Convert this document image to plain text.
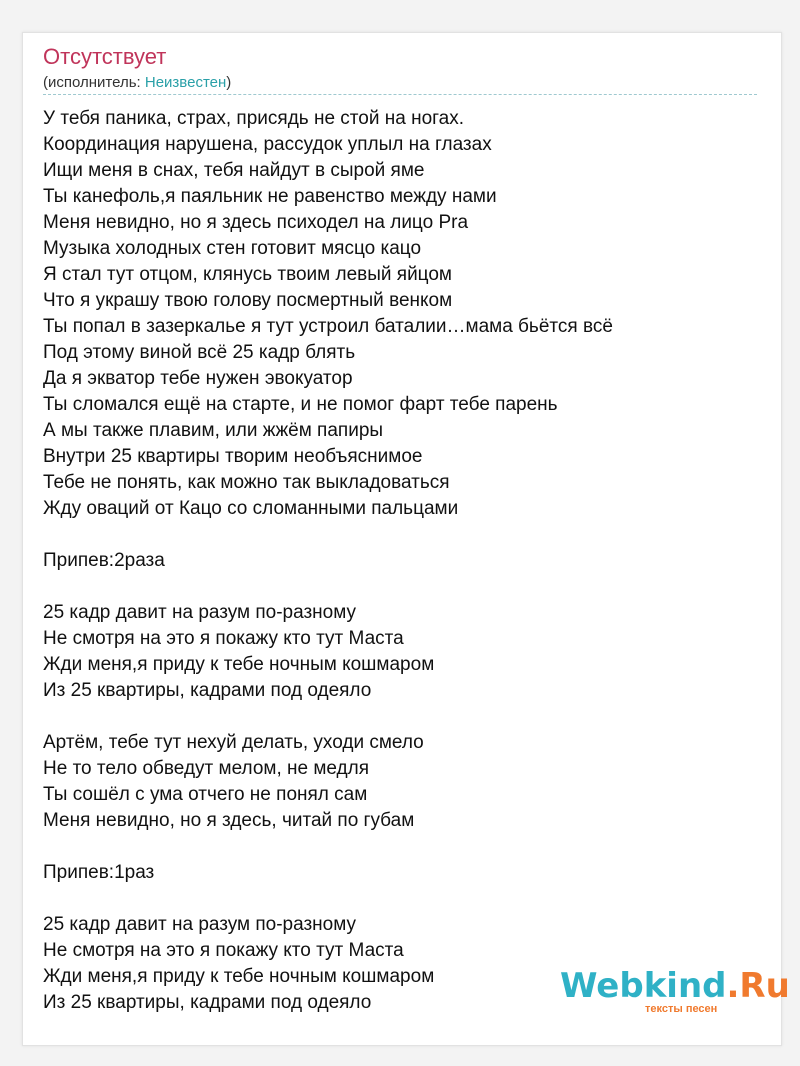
Отсутствует
(исполнитель: Неизвестен)
У тебя паника, страх, присядь не стой на ногах.
Координация нарушена, рассудок уплыл на глазах
Ищи меня в снах, тебя найдут в сырой яме
Ты канефоль,я паяльник не равенство между нами
Меня невидно, но я здесь психодел на лицо Pra
Музыка холодных стен готовит мясцо кацо
Я стал тут отцом, клянусь твоим левый яйцом
Что я украшу твою голову посмертный венком
Ты попал в зазеркалье я тут устроил баталии…мама бьётся всё
Под этому виной всё 25 кадр блять
Да я экватор тебе нужен эвокуатор
Ты сломался ещё на старте, и не помог фарт тебе парень
А мы также плавим, или жжём папиры
Внутри 25 квартиры творим необъяснимое
Тебе не понять, как можно так выкладоваться
Жду оваций от Кацо со сломанными пальцами
Припев:2раза
25 кадр давит на разум по-разному
Не смотря на это я покажу кто тут Маста
Жди меня,я приду к тебе ночным кошмаром
Из 25 квартиры, кадрами под одеяло
Артём, тебе тут нехуй делать, уходи смело
Не то тело обведут мелом, не медля
Ты сошёл с ума отчего не понял сам
Меня невидно, но я здесь, читай по губам
Припев:1раз
25 кадр давит на разум по-разному
Не смотря на это я покажу кто тут Маста
Жди меня,я приду к тебе ночным кошмаром
Из 25 квартиры, кадрами под одеяло	Webkind.Ru
тексты песен
